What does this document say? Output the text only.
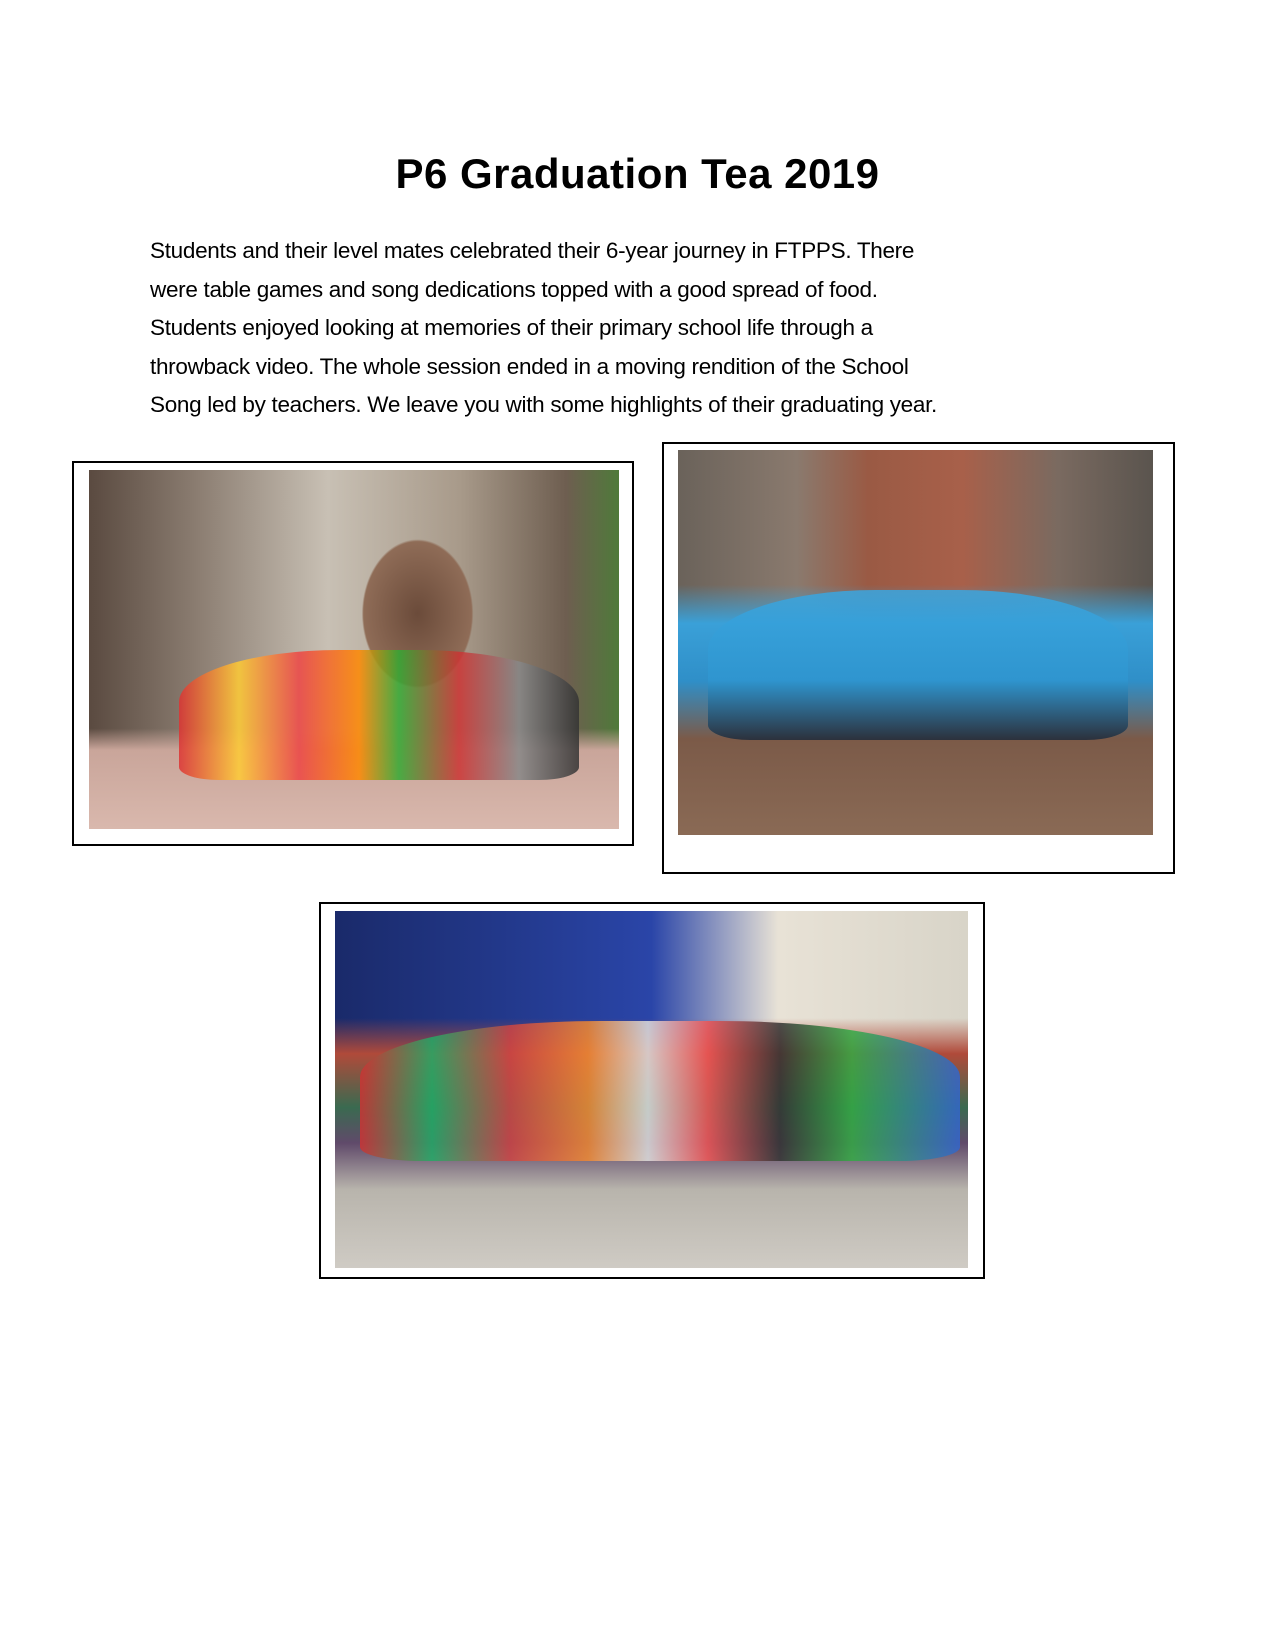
P6 Graduation Tea 2019
Students and their level mates celebrated their 6-year journey in FTPPS. There
were table games and song dedications topped with a good spread of food.
Students enjoyed looking at memories of their primary school life through a
throwback video. The whole session ended in a moving rendition of the School
Song led by teachers. We leave you with some highlights of their graduating year.
